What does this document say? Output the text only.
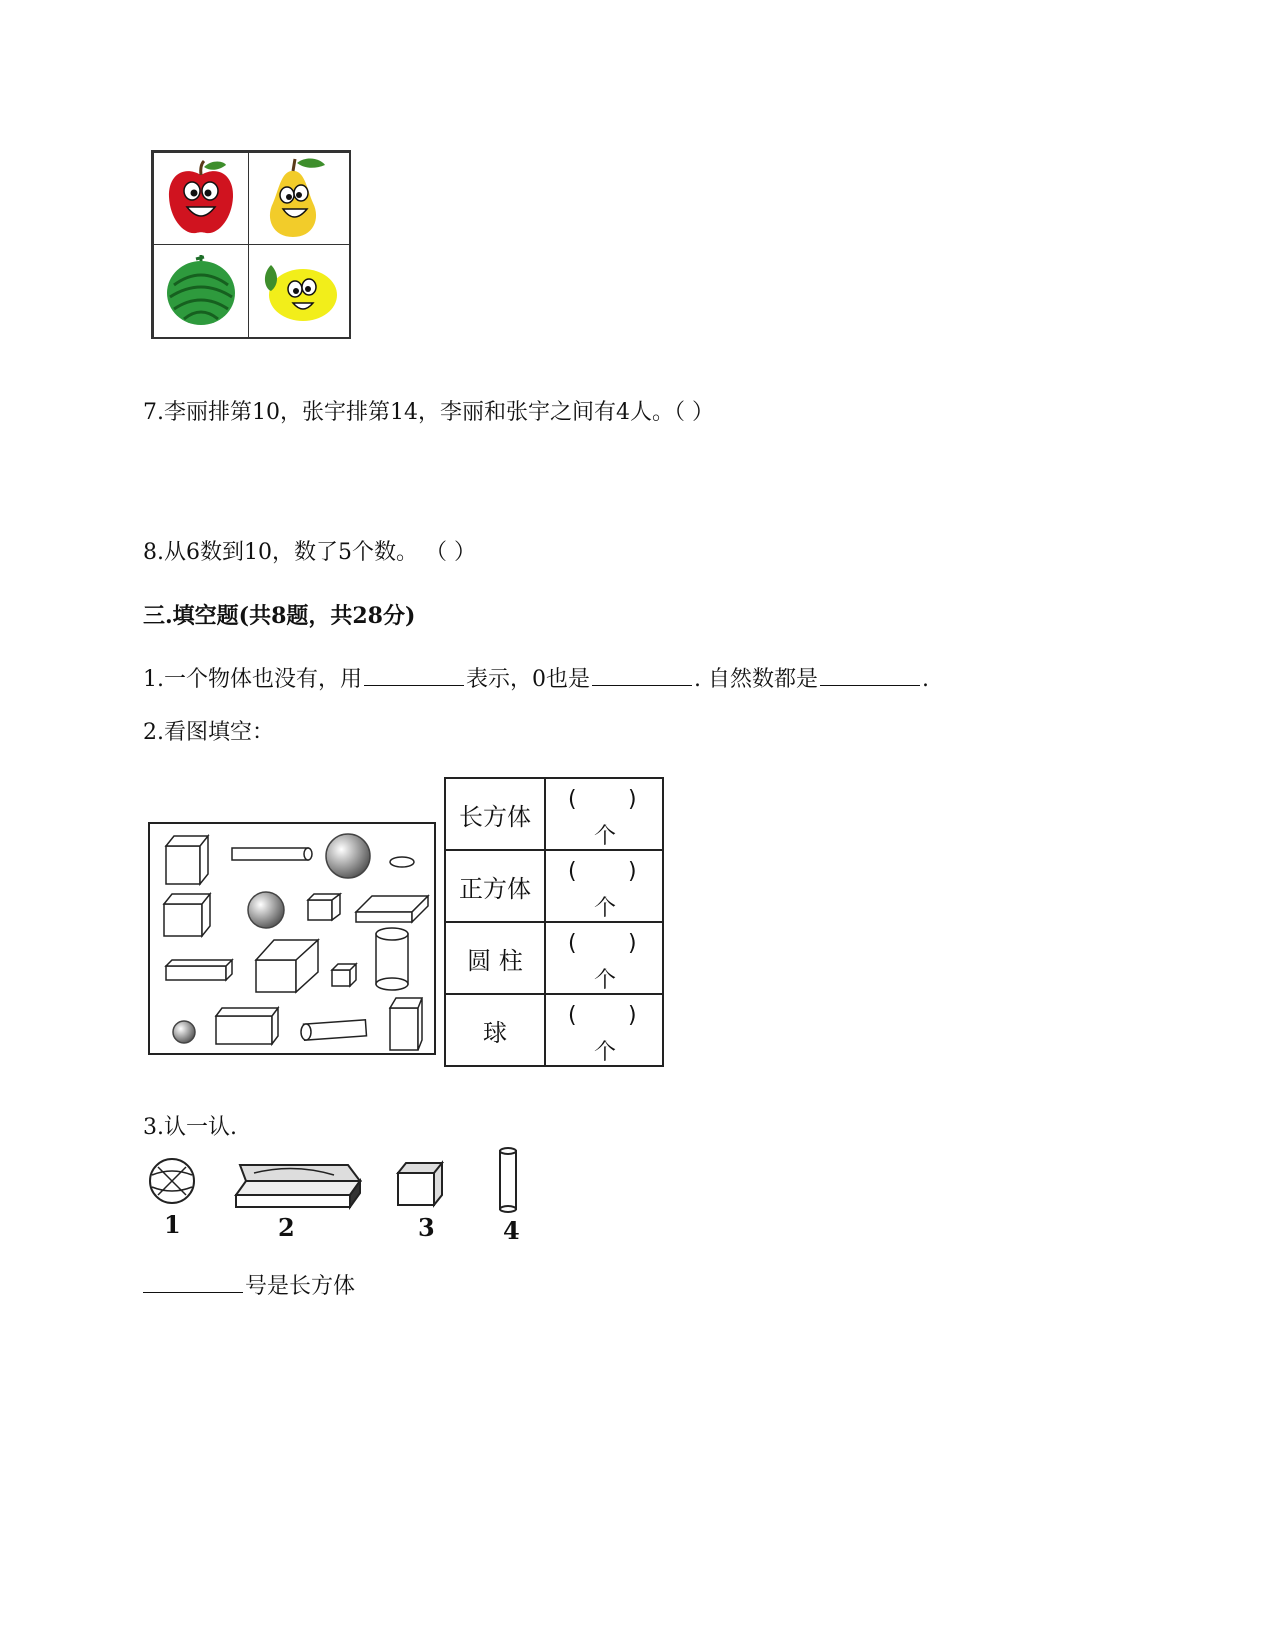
7.李丽排第10，张宇排第14，李丽和张宇之间有4人。（ ）
8.从6数到10，数了5个数。 （ ）
三.填空题(共8题，共28分)
1.一个物体也没有，用	表示，0也是	. 自然数都是	.
2.看图填空：
长方体	( )
个

正方体	( )
个

圆 柱	( )
个

球	( )
个
3.认一认.
1	2	3	4
号是长方体
